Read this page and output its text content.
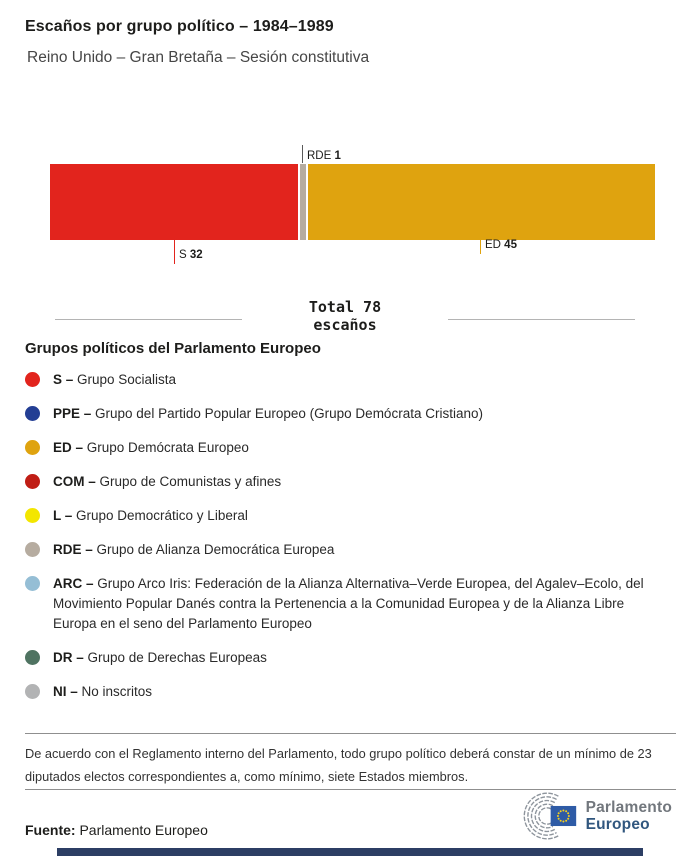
Escaños por grupo político – 1984–1989
Reino Unido – Gran Bretaña – Sesión constitutiva
S 32
RDE 1
ED 45
Total 78
escaños
Grupos políticos del Parlamento Europeo
S – Grupo Socialista
PPE – Grupo del Partido Popular Europeo (Grupo Demócrata Cristiano)
ED – Grupo Demócrata Europeo
COM – Grupo de Comunistas y afines
L – Grupo Democrático y Liberal
RDE – Grupo de Alianza Democrática Europea
ARC – Grupo Arco Iris: Federación de la Alianza Alternativa–Verde Europea, del Agalev–Ecolo, del Movimiento Popular Danés contra la Pertenencia a la Comunidad Europea y de la Alianza Libre Europa en el seno del Parlamento Europeo
DR – Grupo de Derechas Europeas
NI – No inscritos
De acuerdo con el Reglamento interno del Parlamento, todo grupo político deberá constar de un mínimo de 23 diputados electos correspondientes a, como mínimo, siete Estados miembros.
Fuente: Parlamento Europeo
Parlamento
Europeo
